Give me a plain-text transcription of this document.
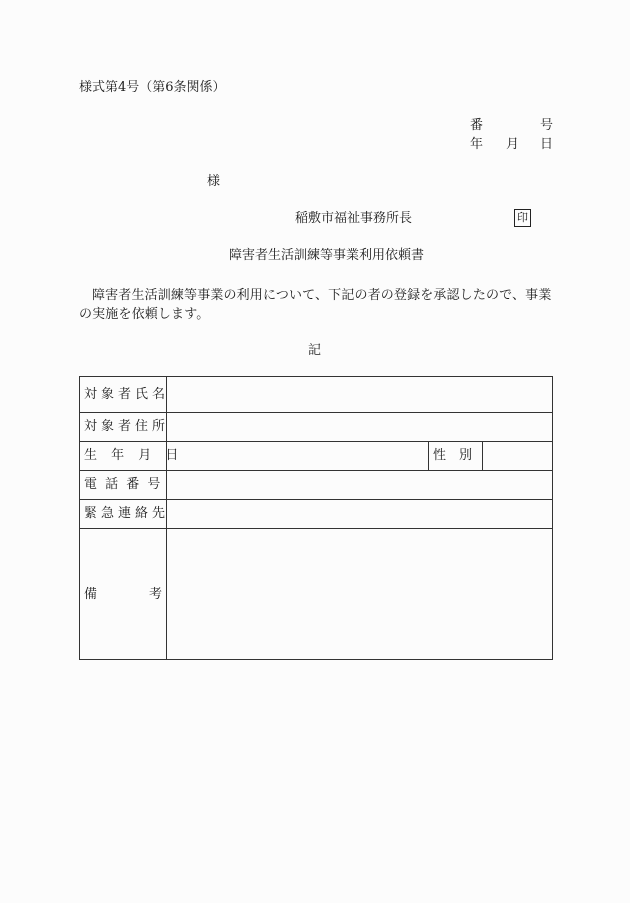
様式第4号（第6条関係）
番	号
年 月 日
様
稲敷市福祉事務所長	印
障害者生活訓練等事業利用依頼書
障害者生活訓練等事業の利用について、下記の者の登録を承認したので、事業の実施を依頼します。
記
対象者氏名			
対象者住所			
生 年 月 日		性　別	
電 話 番 号			
緊急連絡先			

備 考			
